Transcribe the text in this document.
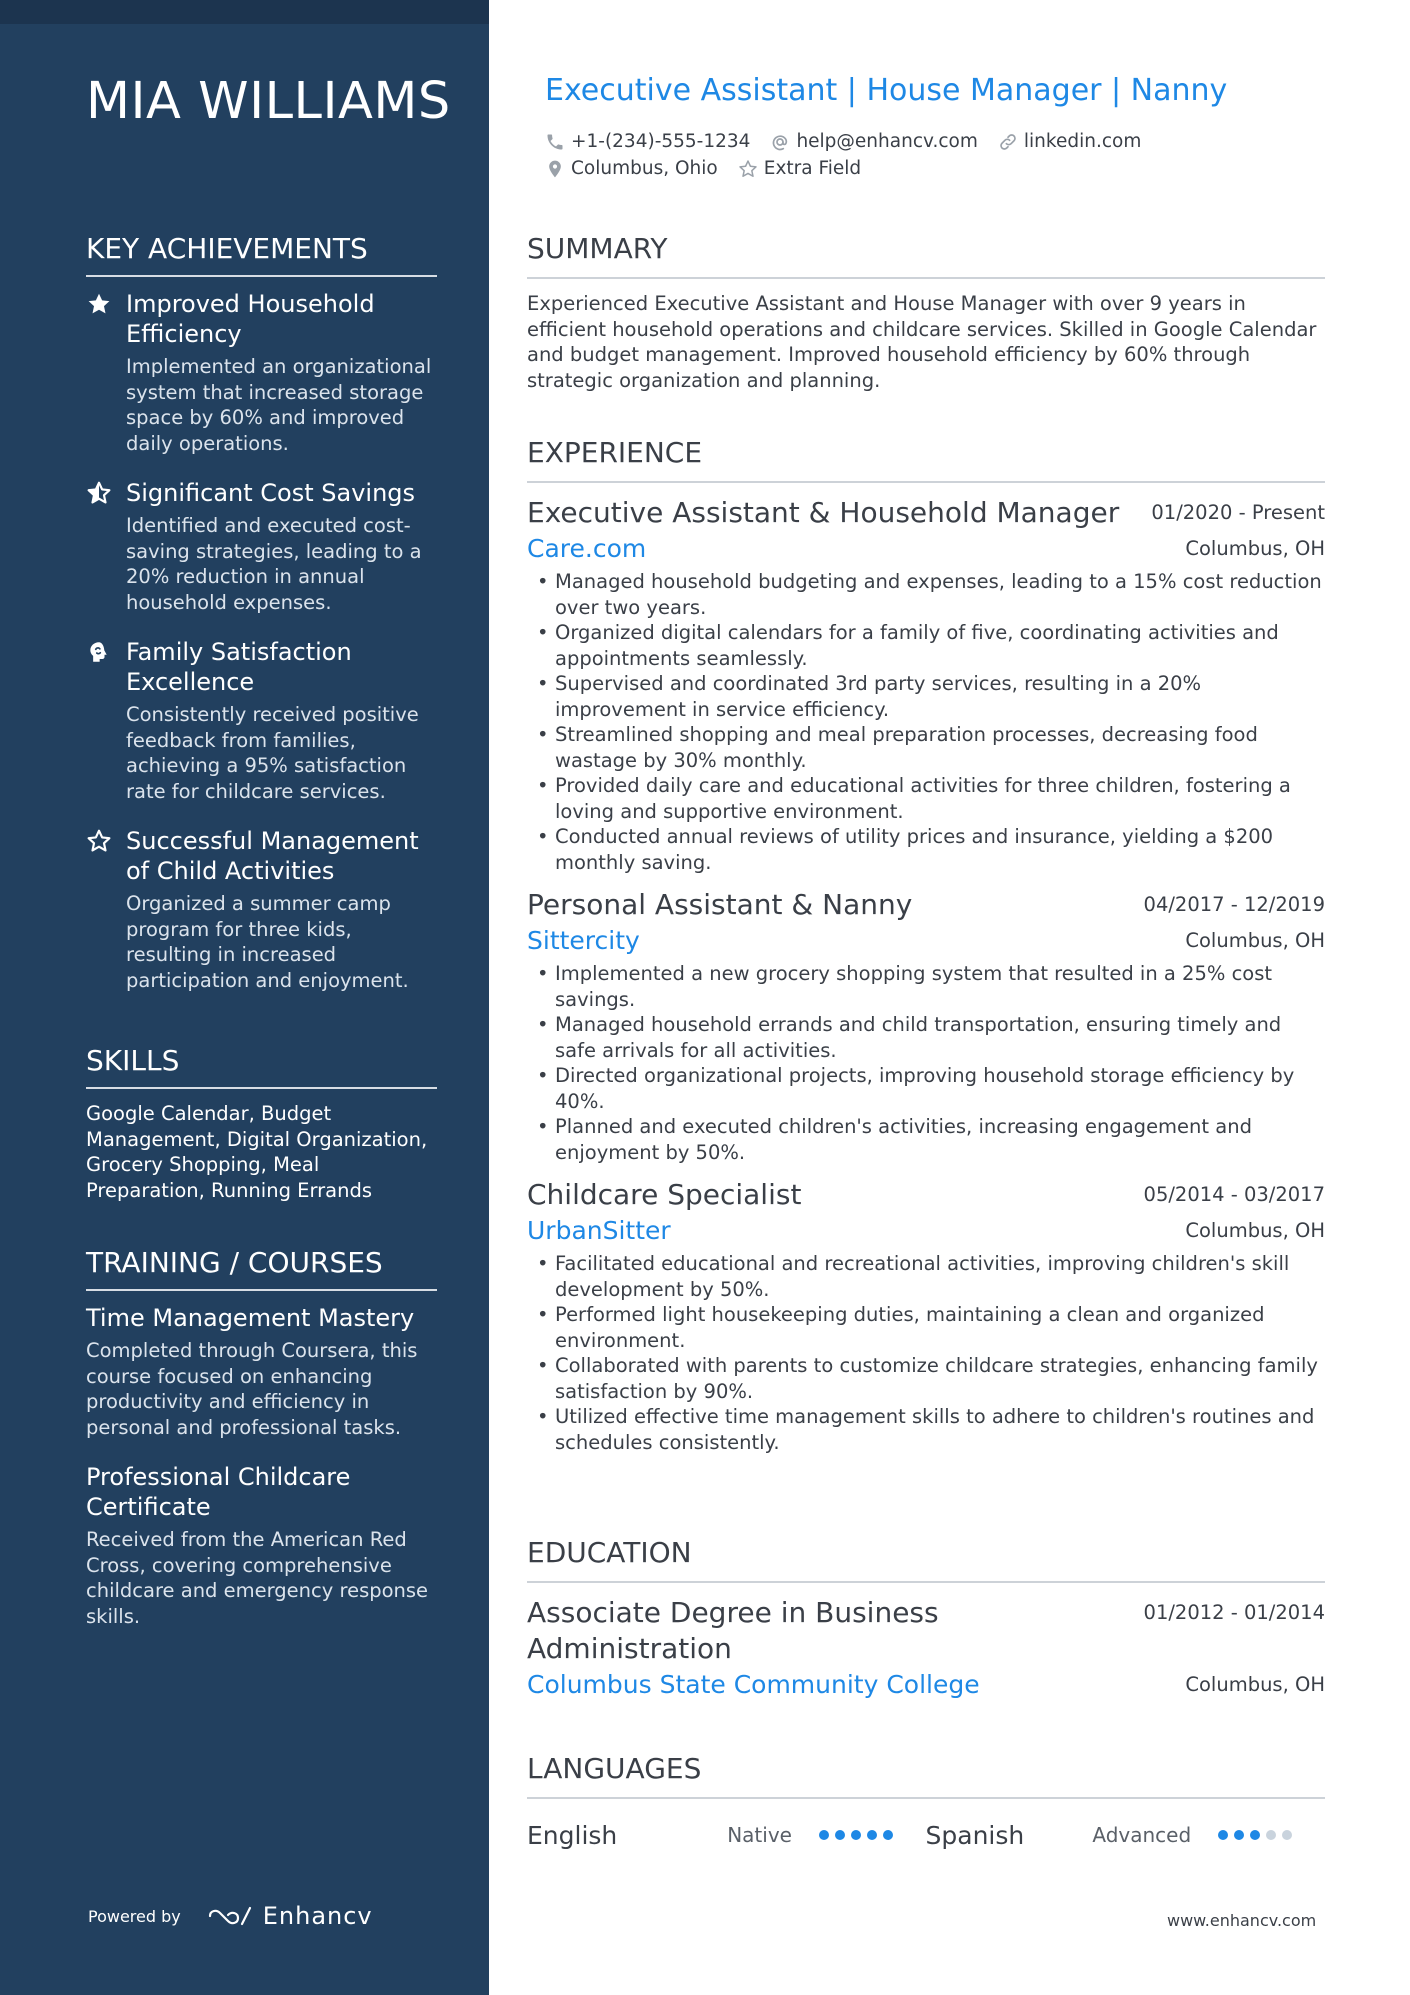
MIA WILLIAMS
KEY ACHIEVEMENTS
Improved Household Efficiency
Implemented an organizational system that increased storage space by 60% and improved daily operations.
Significant Cost Savings
Identified and executed cost-saving strategies, leading to a 20% reduction in annual household expenses.
Family Satisfaction Excellence
Consistently received positive feedback from families, achieving a 95% satisfaction rate for childcare services.
Successful Management of Child Activities
Organized a summer camp program for three kids, resulting in increased participation and enjoyment.
SKILLS
Google Calendar, Budget Management, Digital Organization, Grocery Shopping, Meal Preparation, Running Errands
TRAINING / COURSES
Time Management Mastery
Completed through Coursera, this course focused on enhancing productivity and efficiency in personal and professional tasks.
Professional Childcare Certificate
Received from the American Red Cross, covering comprehensive childcare and emergency response skills.
Powered by	Enhancv
Executive Assistant | House Manager | Nanny
+1-(234)-555-1234 help@enhancv.com linkedin.com
Columbus, Ohio Extra Field
SUMMARY
Experienced Executive Assistant and House Manager with over 9 years in efficient household operations and childcare services. Skilled in Google Calendar and budget management. Improved household efficiency by 60% through strategic organization and planning.
EXPERIENCE
Executive Assistant & Household Manager 01/2020 - Present
Care.com	Columbus, OH
• Managed household budgeting and expenses, leading to a 15% cost reduction over two years.
• Organized digital calendars for a family of five, coordinating activities and appointments seamlessly.
• Supervised and coordinated 3rd party services, resulting in a 20% improvement in service efficiency.
• Streamlined shopping and meal preparation processes, decreasing food wastage by 30% monthly.
• Provided daily care and educational activities for three children, fostering a loving and supportive environment.
• Conducted annual reviews of utility prices and insurance, yielding a $200 monthly saving.
Personal Assistant & Nanny	04/2017 - 12/2019
Sittercity	Columbus, OH
• Implemented a new grocery shopping system that resulted in a 25% cost savings.
• Managed household errands and child transportation, ensuring timely and safe arrivals for all activities.
• Directed organizational projects, improving household storage efficiency by 40%.
• Planned and executed children's activities, increasing engagement and enjoyment by 50%.
Childcare Specialist	05/2014 - 03/2017
UrbanSitter	Columbus, OH
• Facilitated educational and recreational activities, improving children's skill development by 50%.
• Performed light housekeeping duties, maintaining a clean and organized environment.
• Collaborated with parents to customize childcare strategies, enhancing family satisfaction by 90%.
• Utilized effective time management skills to adhere to children's routines and schedules consistently.
EDUCATION
Associate Degree in Business Administration
01/2012 - 01/2014
Columbus State Community College	Columbus, OH
LANGUAGES
English	Native	Spanish	Advanced
www.enhancv.com
